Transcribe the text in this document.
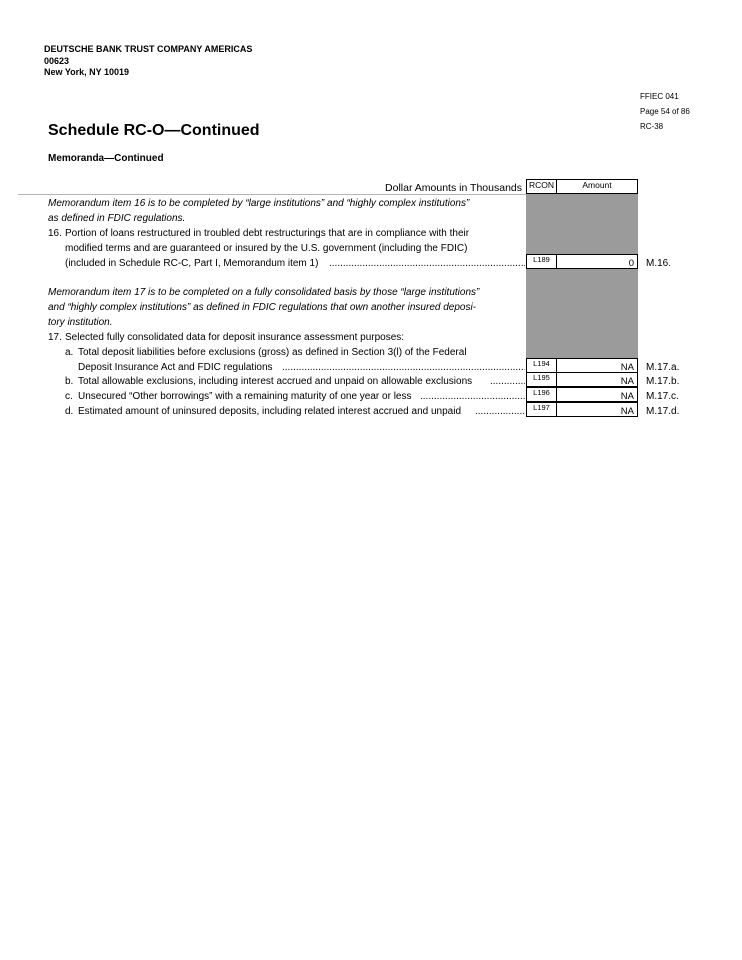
DEUTSCHE BANK TRUST COMPANY AMERICAS
00623
New York, NY 10019
FFIEC 041
Page 54 of 86
RC-38
Schedule RC-O—Continued
Memoranda—Continued
Dollar Amounts in Thousands RCON	Amount
Memorandum item 16 is to be completed by “large institutions” and “highly complex institutions”
as defined in FDIC regulations.
16. Portion of loans restructured in troubled debt restructurings that are in compliance with their
modified terms and are guaranteed or insured by the U.S. government (including the FDIC)
(included in Schedule RC-C, Part I, Memorandum item 1) .....	L189	0	M.16.
Memorandum item 17 is to be completed on a fully consolidated basis by those “large institutions”
and “highly complex institutions” as defined in FDIC regulations that own another insured deposi-
tory institution.
17. Selected fully consolidated data for deposit insurance assessment purposes:
a. Total deposit liabilities before exclusions (gross) as defined in Section 3(l) of the Federal
Deposit Insurance Act and FDIC regulations .....	L194	NA	M.17.a.
b. Total allowable exclusions, including interest accrued and unpaid on allowable exclusions .....	L195	NA	M.17.b.
c. Unsecured “Other borrowings” with a remaining maturity of one year or less .....	L196	NA	M.17.c.
d. Estimated amount of uninsured deposits, including related interest accrued and unpaid .....	L197	NA	M.17.d.
